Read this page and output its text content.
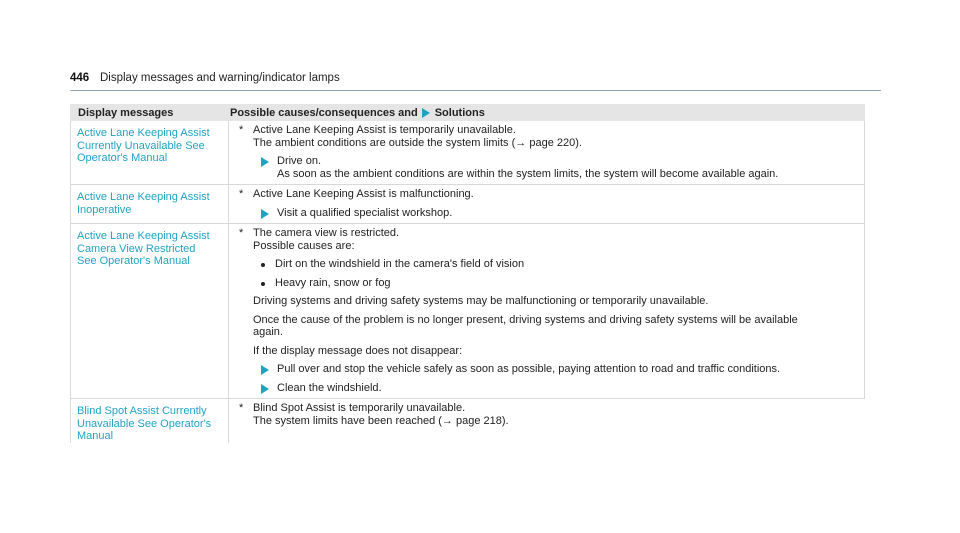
446 Display messages and warning/indicator lamps
Display messages	Possible causes/consequences and Solutions
Active Lane Keeping Assist
Currently Unavailable See
Operator's Manual
* Active Lane Keeping Assist is temporarily unavailable.
The ambient conditions are outside the system limits (→ page 220).
Drive on.
As soon as the ambient conditions are within the system limits, the system will become available again.
Active Lane Keeping Assist
Inoperative
* Active Lane Keeping Assist is malfunctioning.
Visit a qualified specialist workshop.
Active Lane Keeping Assist
Camera View Restricted
See Operator's Manual
* The camera view is restricted.
Possible causes are:
Dirt on the windshield in the camera's field of vision
Heavy rain, snow or fog
Driving systems and driving safety systems may be malfunctioning or temporarily unavailable.
Once the cause of the problem is no longer present, driving systems and driving safety systems will be available
again.
If the display message does not disappear:
Pull over and stop the vehicle safely as soon as possible, paying attention to road and traffic conditions.
Clean the windshield.
Blind Spot Assist Currently
Unavailable See Operator's
Manual
* Blind Spot Assist is temporarily unavailable.
The system limits have been reached (→ page 218).
